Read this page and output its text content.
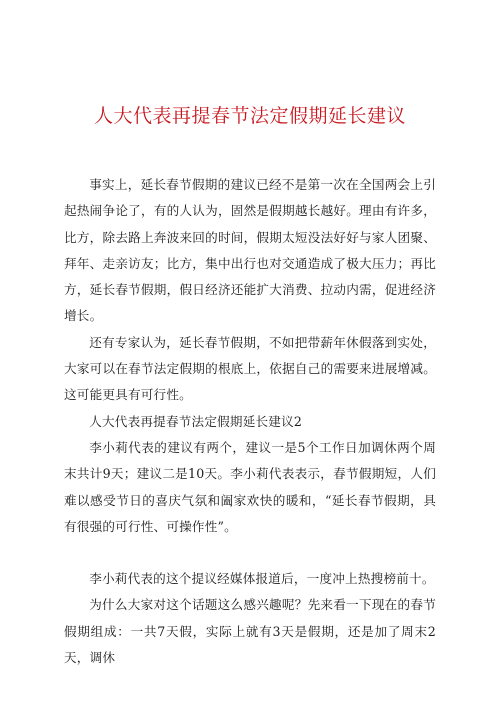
人大代表再提春节法定假期延长建议

事实上，延长春节假期的建议已经不是第一次在全国两会上引起热闹争论了，有的人认为，固然是假期越长越好。理由有许多，比方，除去路上奔波来回的时间，假期太短没法好好与家人团聚、拜年、走亲访友；比方，集中出行也对交通造成了极大压力；再比方，延长春节假期，假日经济还能扩大消费、拉动内需，促进经济增长。

还有专家认为，延长春节假期，不如把带薪年休假落到实处，大家可以在春节法定假期的根底上，依据自己的需要来进展增减。这可能更具有可行性。

人大代表再提春节法定假期延长建议2

李小莉代表的建议有两个，建议一是5个工作日加调休两个周末共计9天；建议二是10天。李小莉代表表示，春节假期短，人们难以感受节日的喜庆气氛和阖家欢快的暖和，“延长春节假期，具有很强的可行性、可操作性”。

李小莉代表的这个提议经媒体报道后，一度冲上热搜榜前十。

为什么大家对这个话题这么感兴趣呢？先来看一下现在的春节假期组成：一共7天假，实际上就有3天是假期，还是加了周末2天，调休
